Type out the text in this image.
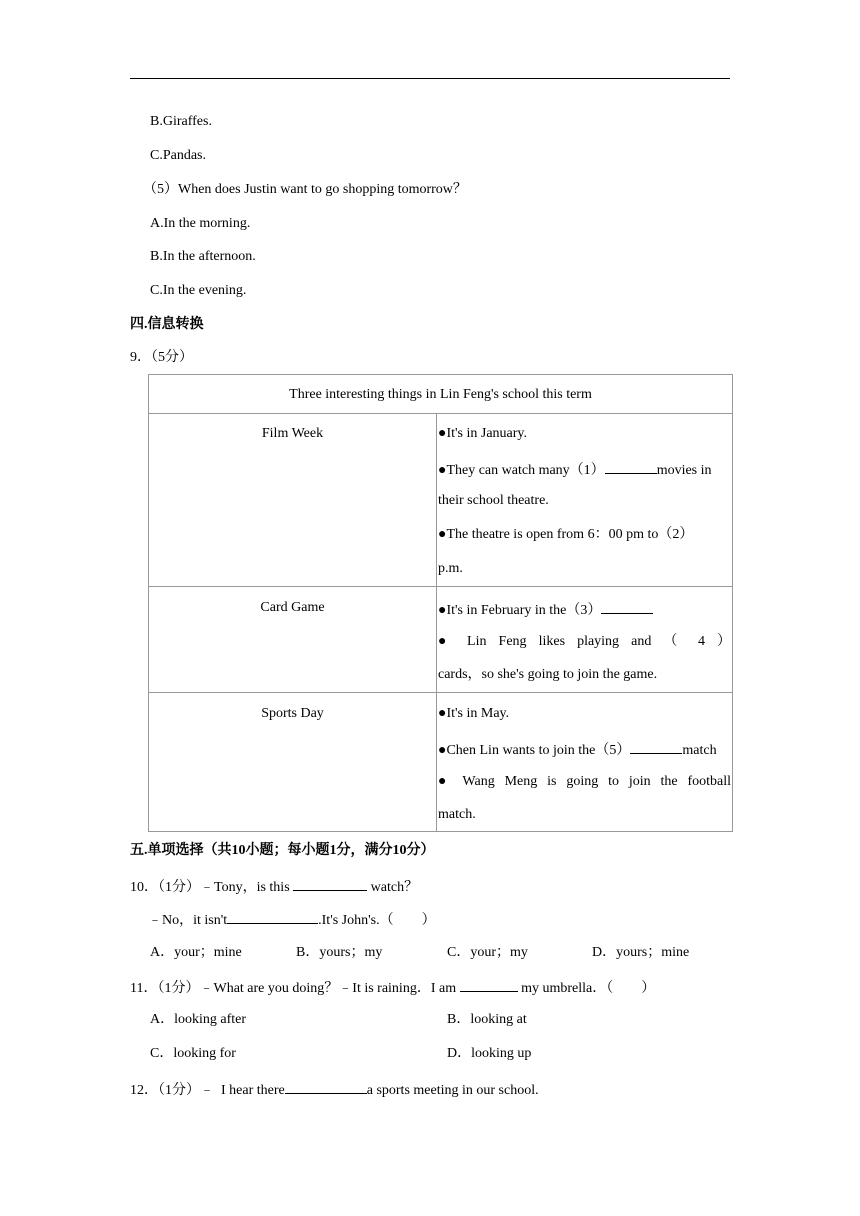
B.Giraffes.
C.Pandas.
（5）When does Justin want to go shopping tomorrow？
A.In the morning.
B.In the afternoon.
C.In the evening.
四.信息转换
9．（5分）
Three interesting things in Lin Feng's school this term
Film Week	●It's in January.
●They can watch many（1）	movies in
their school theatre.
●The theatre is open from 6：00 pm to（2）
p.m.
Card Game	●It's in February in the（3）
● Lin Feng likes playing and （ 4 ）
cards，so she's going to join the game.
Sports Day	●It's in May.
●Chen Lin wants to join the（5）	match
● Wang Meng is going to join the football
match.
五.单项选择（共10小题；每小题1分，满分10分）
10．（1分）﹣Tony，is this	watch？
﹣No，it isn't	.It's John's.（　　）
A．your；mine	B．yours；my	C．your；my	D．yours；mine
11．（1分）﹣What are you doing？﹣It is raining．I am	my umbrella．（　　）
A．looking after	B．looking at
C．looking for	D．looking up
12．（1分）﹣  I hear there	a sports meeting in our school.
